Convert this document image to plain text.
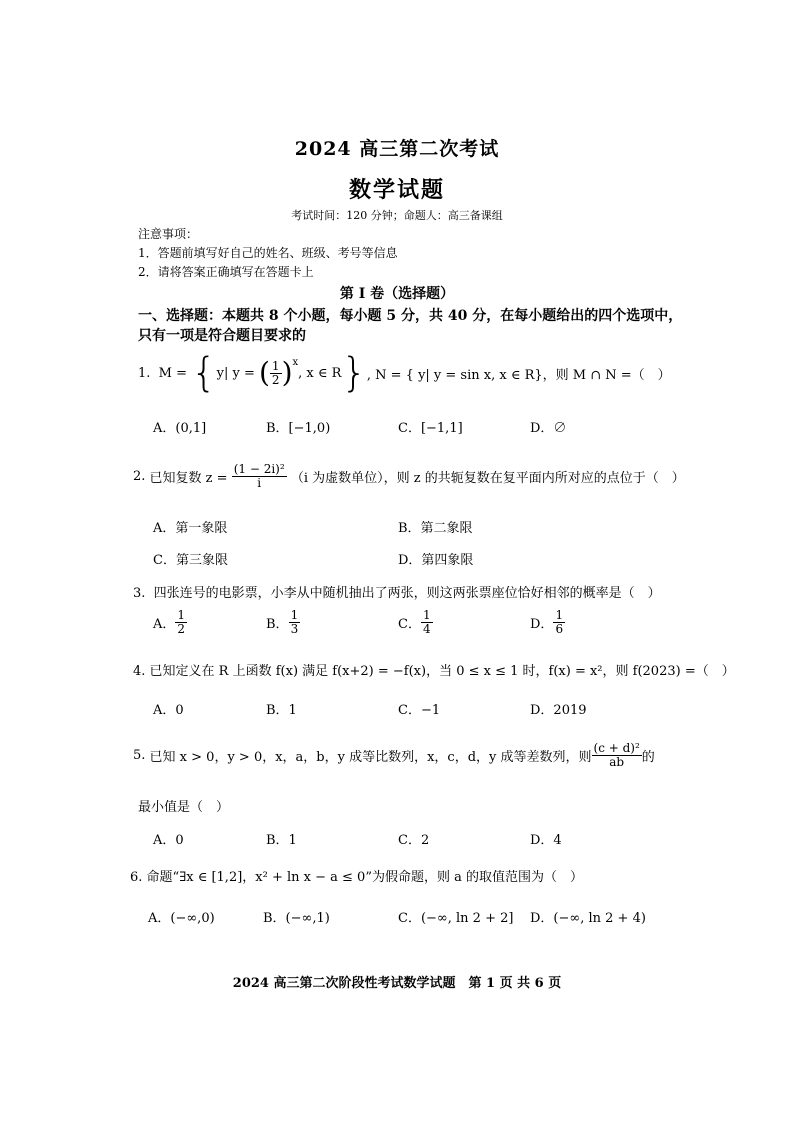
2024 高三第二次考试
数学试题
考试时间：120 分钟；命题人：高三备课组
注意事项：
1．答题前填写好自己的姓名、班级、考号等信息
2．请将答案正确填写在答题卡上
第 I 卷（选择题）
一、选择题：本题共 8 个小题，每小题 5 分，共 40 分，在每小题给出的四个选项中，
只有一项是符合题目要求的
1.
M =
{ y| y =
( $\frac{1}{2} )^x$
, x ∈ R } , N = { y| y = sin x, x ∈ R}，则 M ∩ N =（　）
A．(0,1]	B．[−1,0)	C．[−1,1]	D．∅
2.
已知复数 z =
$\frac{\text{(1 − 2i)²}}{i}$
（i 为虚数单位），则 z 的共轭复数在复平面内所对应的点位于（　）
A．第一象限	B．第二象限
C．第三象限	D．第四象限
3. 四张连号的电影票，小李从中随机抽出了两张，则这两张票座位恰好相邻的概率是（　）
A． $\frac{1}{2}$	B． $\frac{1}{3}$	C． $\frac{1}{4}$	D． $\frac{1}{6}$
4. 已知定义在 R 上函数 f(x) 满足 f(x+2) = −f(x)，当 0 ≤ x ≤ 1 时，f(x) = x²，则 f(2023) =（　）
A．0	B．1	C．−1	D．2019
5.
已知 x > 0，y > 0，x，a，b，y 成等比数列，x，c，d，y 成等差数列，则 $\frac{\text{(c + d)²}}{ab}$ 的
最小值是（　）
A．0	B．1	C．2	D．4
6. 命题“∃x ∈ [1,2]，x² + ln x − a ≤ 0”为假命题，则 a 的取值范围为（　）
A．(−∞,0)	B．(−∞,1)	C．(−∞, ln 2 + 2] D．(−∞, ln 2 + 4)
2024 高三第二次阶段性考试数学试题　第 1 页 共 6 页
